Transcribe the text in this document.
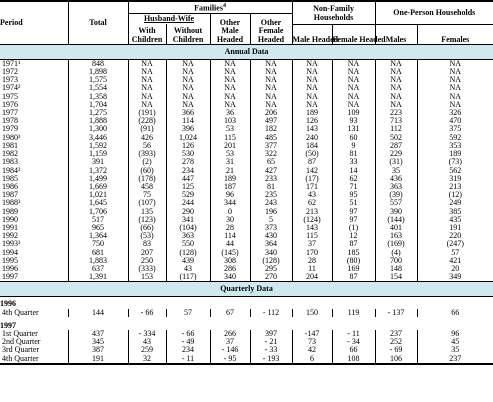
Period	Total	Families$^4$				Non-Family Households		One-Person Households	
		Husband-Wife		Other Male Headed	Other Female Headed				
		With Children	Without Children			Male Headed	Female Headed	Males	Females
Annual Data									
1971¹	848	NA	NA	NA	NA	NA	NA	NA	NA
1972	1,898	NA	NA	NA	NA	NA	NA	NA	NA
1973	1,575	NA	NA	NA	NA	NA	NA	NA	NA
1974²	1,554	NA	NA	NA	NA	NA	NA	NA	NA
1975	1,358	NA	NA	NA	NA	NA	NA	NA	NA
1976	1,704	NA	NA	NA	NA	NA	NA	NA	NA
1977	1,275	(191)	366	36	206	189	109	223	326
1978	1,888	(228)	114	103	497	126	93	713	470
1979	1,300	(91)	396	53	182	143	131	112	375
1980³	3,446	426	1,024	115	485	240	60	502	592
1981	1,592	56	126	201	377	184	9	287	353
1982	1,159	(393)	530	53	322	(50)	81	229	189
1983	391	(2)	278	31	65	87	33	(31)	(73)
1984²	1,372	(60)	234	21	427	142	14	35	562
1985	1,499	(178)	447	189	233	(17)	62	436	319
1986	1,669	458	125	187	81	171	71	363	213
1987	1,021	75	529	96	235	43	95	(39)	(12)
1988³	1,645	(107)	244	344	243	62	51	557	249
1989	1,706	135	290	0	196	213	97	390	385
1990	517	(123)	341	30	5	(124)	97	(144)	435
1991	965	(66)	(104)	28	373	143	(1)	401	191
1992	1,364	(53)	363	114	430	115	12	163	220
1993³	750	83	550	44	364	37	87	(169)	(247)
1994	681	207	(128)	(145)	340	170	185	(4)	57
1995	1,883	250	439	308	(128)	28	(80)	700	421
1996	637	(333)	43	286	295	11	169	148	20
1997	1,391	153	(117)	340	270	204	87	154	349
Quarterly Data									
1996									
4th Quarter	144	- 66	57	67	- 112	150	119	- 137	66
1997									
1st Quarter	437	- 334	- 66	266	397	-147	- 11	237	96
2nd Quarter	345	43	- 49	37	- 21	73	- 34	252	45
3rd Quarter	387	259	234	- 146	- 33	42	66	- 69	35
4th Quarter	191	32	- 11	- 95	- 193	6	108	106	237
